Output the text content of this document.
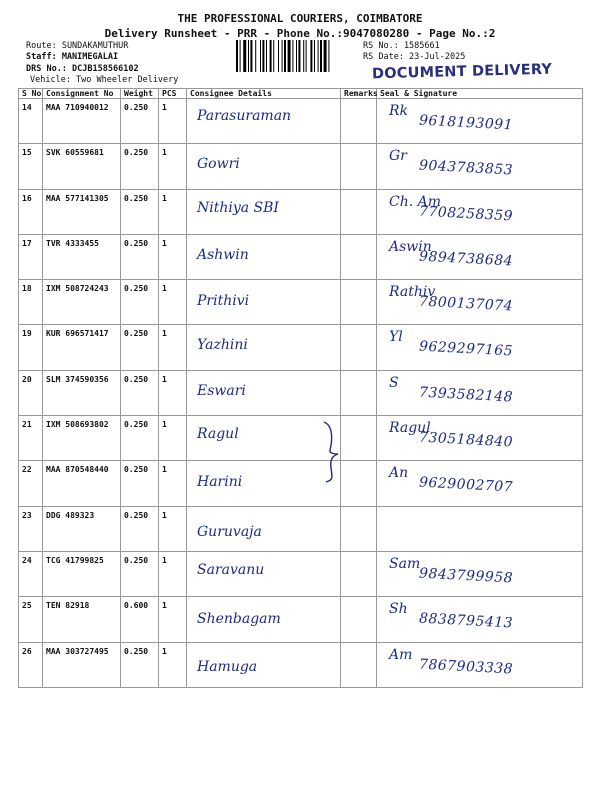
THE PROFESSIONAL COURIERS, COIMBATORE
Delivery Runsheet - PRR - Phone No.:9047080280 - Page No.:2
Route: SUNDAKAMUTHUR
Staff: MANIMEGALAI
DRS No.: DCJB158566102
Vehicle: Two Wheeler Delivery
RS No.: 1585661
RS Date: 23-Jul-2025
DOCUMENT DELIVERY
S No	Consignment No	Weight	PCS	Consignee Details	Remarks	Seal & Signature
14	MAA 710940012	0.250	1	Parasuraman		Rk
9618193091

15	SVK 60559681	0.250	1	Gowri		Gr
9043783853

16	MAA 577141305	0.250	1	Nithiya SBI		Ch. Am
7708258359

17	TVR 4333455	0.250	1	Ashwin		Aswin
9894738684

18	IXM 508724243	0.250	1	Prithivi		Rathiv
7800137074

19	KUR 696571417	0.250	1	Yazhini		Yl
9629297165

20	SLM 374590356	0.250	1	Eswari		S
7393582148

21	IXM 508693802	0.250	1	Ragul		Ragul
7305184840

22	MAA 870548440	0.250	1	Harini		An
9629002707

23	DDG 489323	0.250	1	Guruvaja		

24	TCG 41799825	0.250	1	Saravanu		Sam
9843799958

25	TEN 82918	0.600	1	Shenbagam		Sh
8838795413

26	MAA 303727495	0.250	1	Hamuga		Am
7867903338
